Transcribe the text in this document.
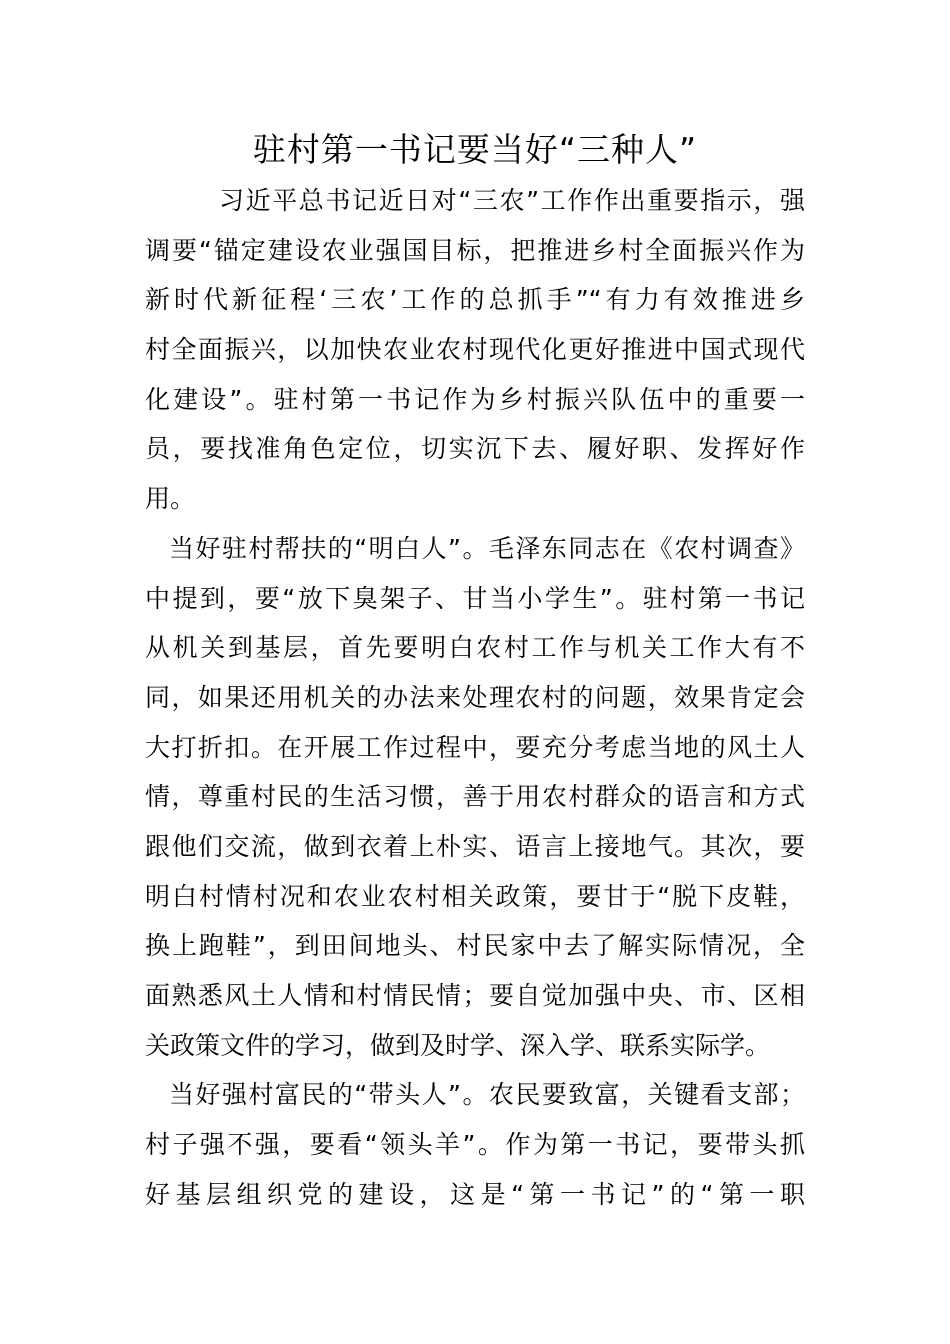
驻村第一书记要当好“三种人”

习近平总书记近日对“三农”工作作出重要指示，强

调要“锚定建设农业强国目标，把推进乡村全面振兴作为

新时代新征程‘三农’工作的总抓手”“有力有效推进乡

村全面振兴，以加快农业农村现代化更好推进中国式现代

化建设”。驻村第一书记作为乡村振兴队伍中的重要一

员，要找准角色定位，切实沉下去、履好职、发挥好作

用。

当好驻村帮扶的“明白人”。毛泽东同志在《农村调查》

中提到，要“放下臭架子、甘当小学生”。驻村第一书记

从机关到基层，首先要明白农村工作与机关工作大有不

同，如果还用机关的办法来处理农村的问题，效果肯定会

大打折扣。在开展工作过程中，要充分考虑当地的风土人

情，尊重村民的生活习惯，善于用农村群众的语言和方式

跟他们交流，做到衣着上朴实、语言上接地气。其次，要

明白村情村况和农业农村相关政策，要甘于“脱下皮鞋，

换上跑鞋”，到田间地头、村民家中去了解实际情况，全

面熟悉风土人情和村情民情；要自觉加强中央、市、区相

关政策文件的学习，做到及时学、深入学、联系实际学。

当好强村富民的“带头人”。农民要致富，关键看支部；

村子强不强，要看“领头羊”。作为第一书记，要带头抓

好基层组织党的建设，这是“第一书记”的“第一职
